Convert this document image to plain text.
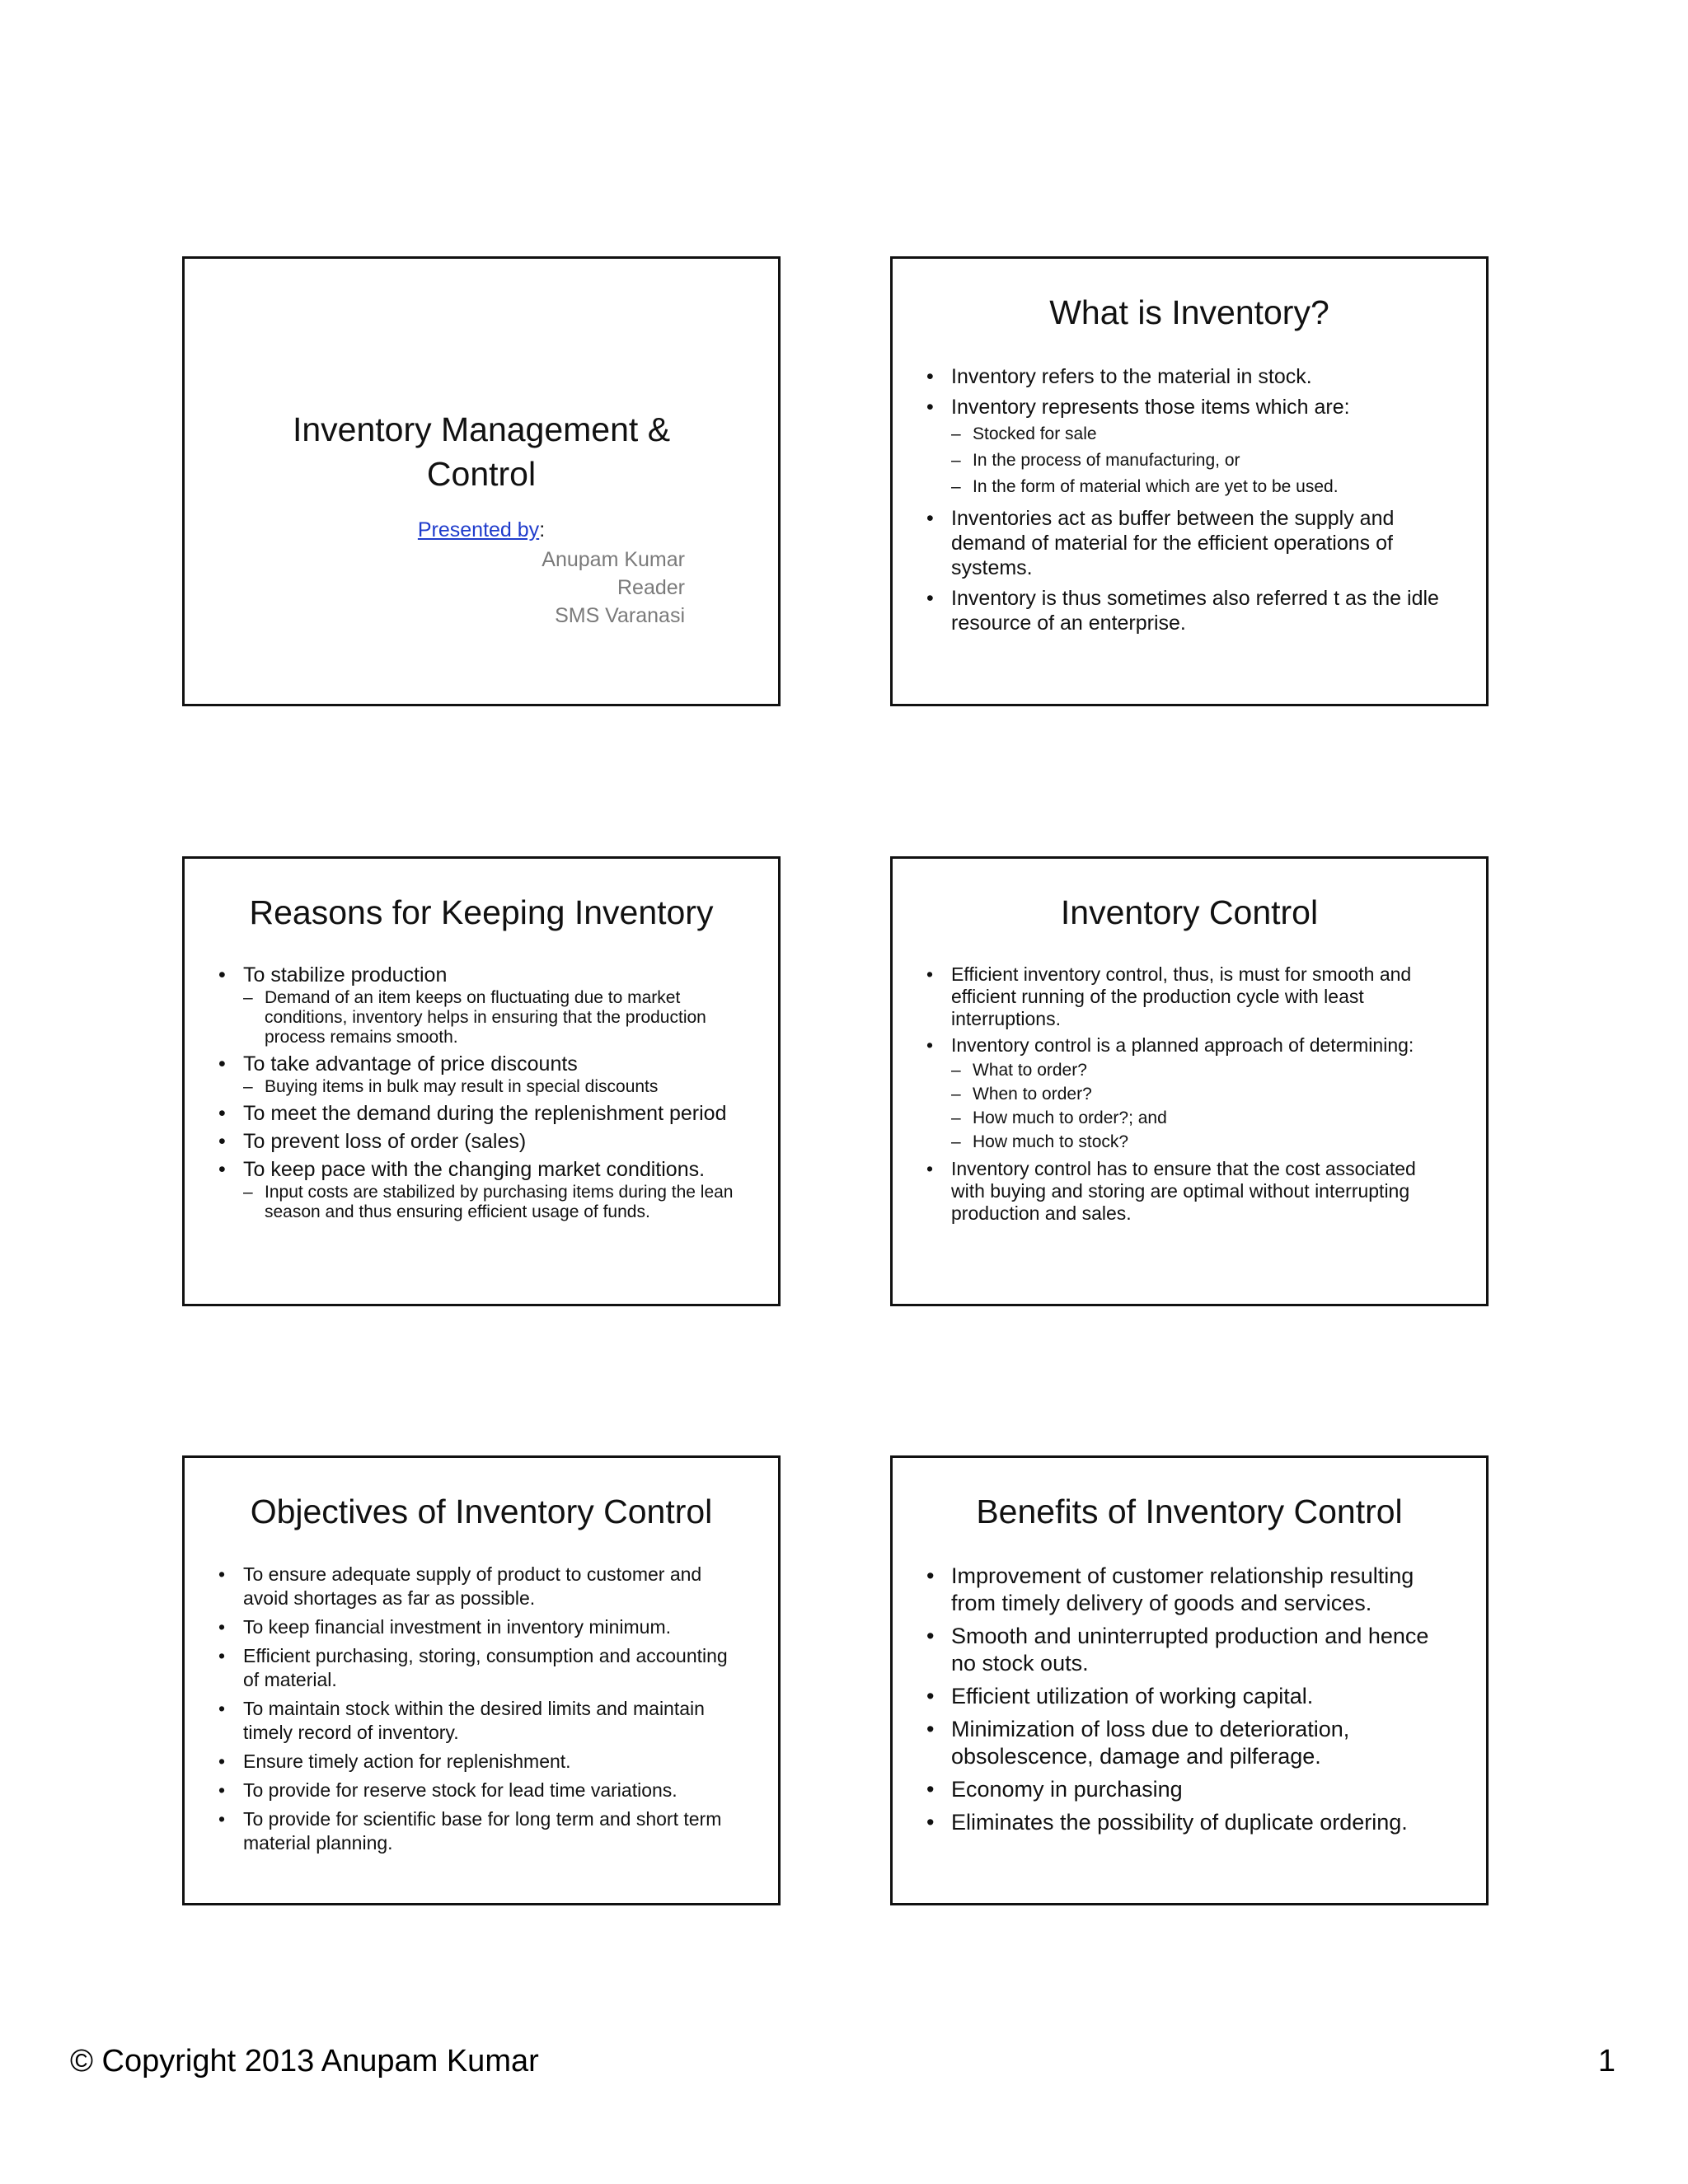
Inventory Management &
Control
Presented by:
Anupam Kumar
Reader
SMS Varanasi
What is Inventory?
• Inventory refers to the material in stock.
• Inventory represents those items which are:
– Stocked for sale
– In the process of manufacturing, or
– In the form of material which are yet to be used.
• Inventories act as buffer between the supply and demand of material for the efficient operations of systems.
• Inventory is thus sometimes also referred t as the idle resource of an enterprise.
Reasons for Keeping Inventory
• To stabilize production
– Demand of an item keeps on fluctuating due to market conditions, inventory helps in ensuring that the production process remains smooth.
• To take advantage of price discounts
– Buying items in bulk may result in special discounts
• To meet the demand during the replenishment period
• To prevent loss of order (sales)
• To keep pace with the changing market conditions.
– Input costs are stabilized by purchasing items during the lean season and thus ensuring efficient usage of funds.
Inventory Control
• Efficient inventory control, thus, is must for smooth and efficient running of the production cycle with least interruptions.
• Inventory control is a planned approach of determining:
– What to order?
– When to order?
– How much to order?; and
– How much to stock?
• Inventory control has to ensure that the cost associated with buying and storing are optimal without interrupting production and sales.
Objectives of Inventory Control
• To ensure adequate supply of product to customer and avoid shortages as far as possible.
• To keep financial investment in inventory minimum.
• Efficient purchasing, storing, consumption and accounting of material.
• To maintain stock within the desired limits and maintain timely record of inventory.
• Ensure timely action for replenishment.
• To provide for reserve stock for lead time variations.
• To provide for scientific base for long term and short term material planning.
Benefits of Inventory Control
• Improvement of customer relationship resulting from timely delivery of goods and services.
• Smooth and uninterrupted production and hence no stock outs.
• Efficient utilization of working capital.
• Minimization of loss due to deterioration, obsolescence, damage and pilferage.
• Economy in purchasing
• Eliminates the possibility of duplicate ordering.
© Copyright 2013 Anupam Kumar	1
